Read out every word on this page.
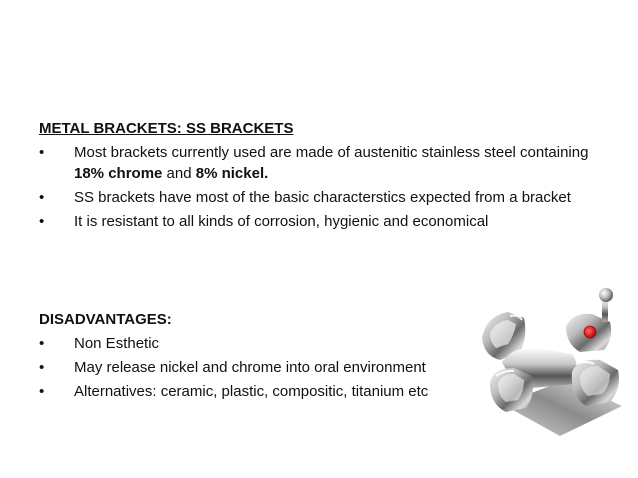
METAL BRACKETS: SS BRACKETS
• Most brackets currently used are made of austenitic stainless steel containing 18% chrome and 8% nickel.
• SS brackets have most of the basic characterstics expected from a bracket
• It is resistant to all kinds of corrosion, hygienic and economical
DISADVANTAGES:
• Non Esthetic
• May release nickel and chrome into oral environment
• Alternatives: ceramic, plastic, compositic, titanium etc
